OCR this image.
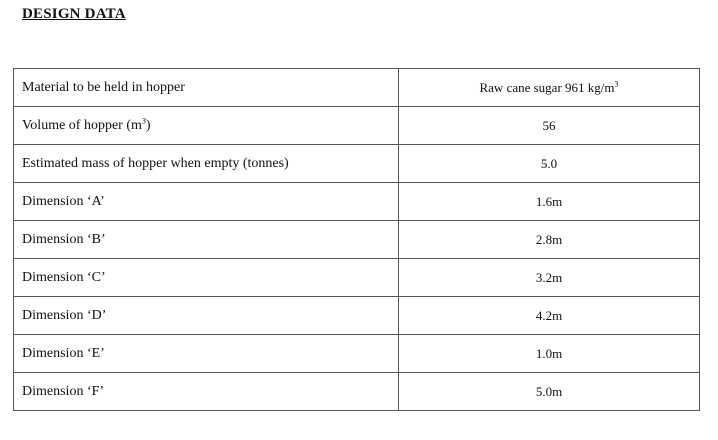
DESIGN DATA
Material to be held in hopper	Raw cane sugar 961 $kg/m^3$
Volume of hopper $(m^3)$	56
Estimated mass of hopper when empty (tonnes)	5.0
Dimension ‘A’	1.6m
Dimension ‘B’	2.8m
Dimension ‘C’	3.2m
Dimension ‘D’	4.2m
Dimension ‘E’	1.0m
Dimension ‘F’	5.0m
